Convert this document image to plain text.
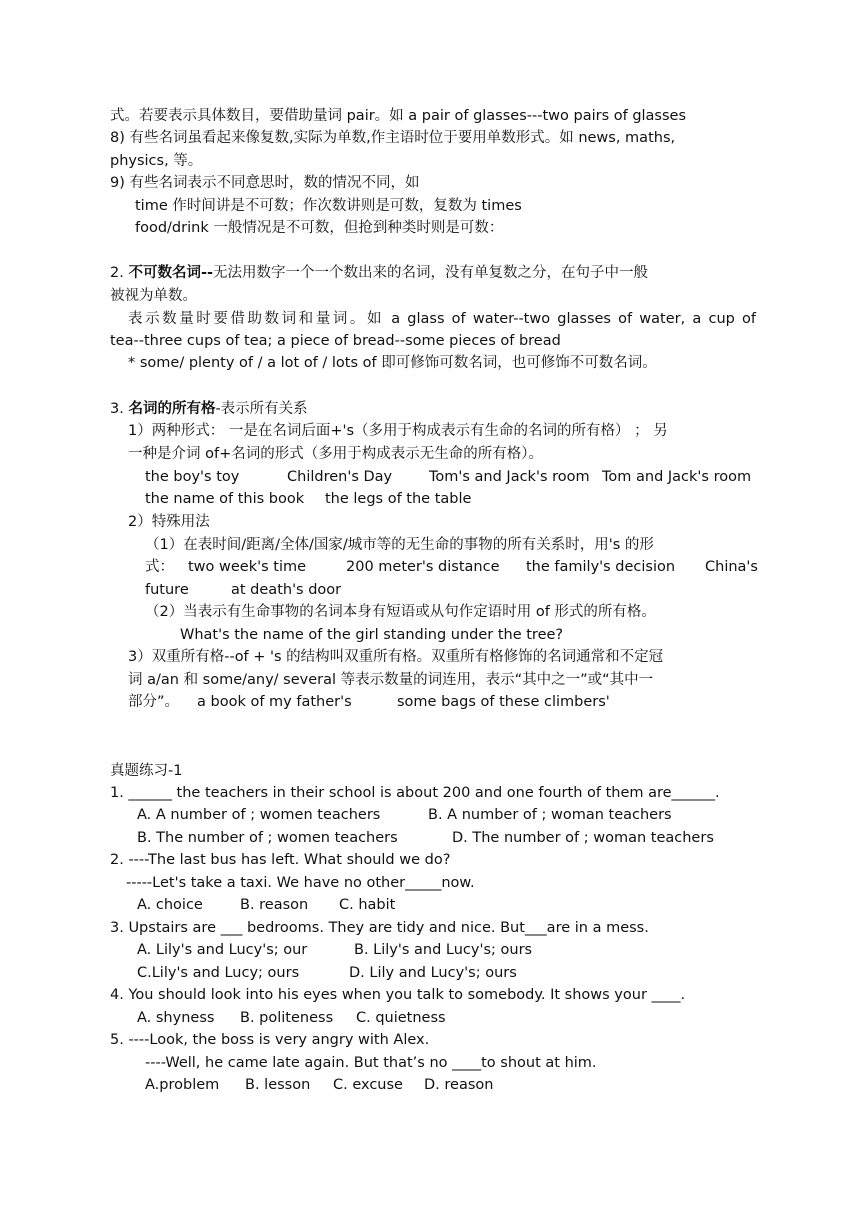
式。若要表示具体数目，要借助量词 pair。如 a pair of glasses---two pairs of glasses
8) 有些名词虽看起来像复数,实际为单数,作主语时位于要用单数形式。如 news, maths,
physics, 等。
9) 有些名词表示不同意思时，数的情况不同，如
time 作时间讲是不可数；作次数讲则是可数，复数为 times
food/drink 一般情况是不可数，但抢到种类时则是可数：
2. 不可数名词--无法用数字一个一个数出来的名词，没有单复数之分，在句子中一般
被视为单数。
表示数量时要借助数词和量词。如 a glass of water--two glasses of water, a cup of
tea--three cups of tea; a piece of bread--some pieces of bread
* some/ plenty of / a lot of / lots of 即可修饰可数名词，也可修饰不可数名词。
3. 名词的所有格-表示所有关系
1）两种形式： 一是在名词后面+'s（多用于构成表示有生命的名词的所有格） ； 另
一种是介词 of+名词的形式（多用于构成表示无生命的所有格）。
the boy's toy	Children's Day	Tom's and Jack's room Tom and Jack's room
the name of this book the legs of the table
2）特殊用法
（1）在表时间/距离/全体/国家/城市等的无生命的事物的所有关系时，用's 的形
式： two week's time	200 meter's distance the family's decision China's
future	at death's door
（2）当表示有生命事物的名词本身有短语或从句作定语时用 of 形式的所有格。
What's the name of the girl standing under the tree?
3）双重所有格--of + 's 的结构叫双重所有格。双重所有格修饰的名词通常和不定冠
词 a/an 和 some/any/ several 等表示数量的词连用，表示“其中之一”或“其中一
部分”。 a book of my father's	some bags of these climbers'
真题练习-1
1. ______ the teachers in their school is about 200 and one fourth of them are______.
A. A number of ; women teachers	B. A number of ; woman teachers
B. The number of ; women teachers	D. The number of ; woman teachers
2. ----The last bus has left. What should we do?
-----Let's take a taxi. We have no other_____now.
A. choice	B. reason C. habit
3. Upstairs are ___ bedrooms. They are tidy and nice. But___are in a mess.
A. Lily's and Lucy's; our	B. Lily's and Lucy's; ours
C.Lily's and Lucy; ours	D. Lily and Lucy's; ours
4. You should look into his eyes when you talk to somebody. It shows your ____.
A. shyness B. politeness C. quietness
5. ----Look, the boss is very angry with Alex.
----Well, he came late again. But that’s no ____to shout at him.
A.problem B. lesson C. excuse D. reason
